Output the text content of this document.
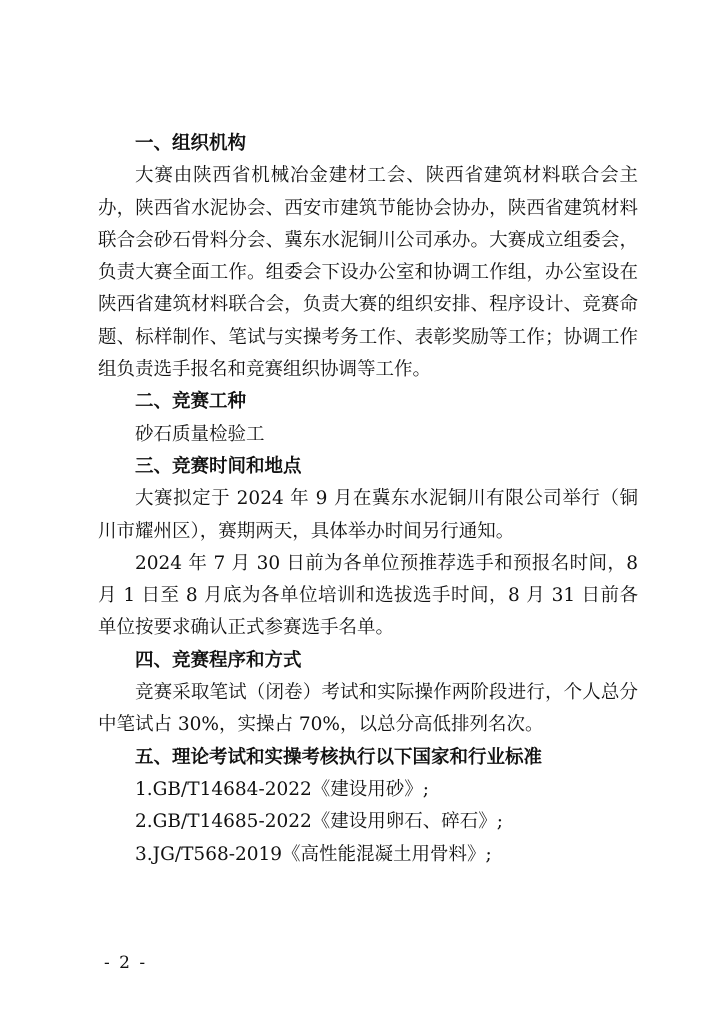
一、组织机构
大赛由陕西省机械冶金建材工会、陕西省建筑材料联合会主办，陕西省水泥协会、西安市建筑节能协会协办，陕西省建筑材料联合会砂石骨料分会、冀东水泥铜川公司承办。大赛成立组委会，负责大赛全面工作。组委会下设办公室和协调工作组，办公室设在陕西省建筑材料联合会，负责大赛的组织安排、程序设计、竞赛命题、标样制作、笔试与实操考务工作、表彰奖励等工作；协调工作组负责选手报名和竞赛组织协调等工作。
二、竞赛工种
砂石质量检验工
三、竞赛时间和地点
大赛拟定于 2024 年 9 月在冀东水泥铜川有限公司举行（铜川市耀州区），赛期两天，具体举办时间另行通知。
2024 年 7 月 30 日前为各单位预推荐选手和预报名时间，8 月 1 日至 8 月底为各单位培训和选拔选手时间，8 月 31 日前各单位按要求确认正式参赛选手名单。
四、竞赛程序和方式
竞赛采取笔试（闭卷）考试和实际操作两阶段进行，个人总分中笔试占 30%，实操占 70%，以总分高低排列名次。
五、理论考试和实操考核执行以下国家和行业标准
1.GB/T14684-2022《建设用砂》;
2.GB/T14685-2022《建设用卵石、碎石》;
3.JG/T568-2019《高性能混凝土用骨料》;
- 2 -
